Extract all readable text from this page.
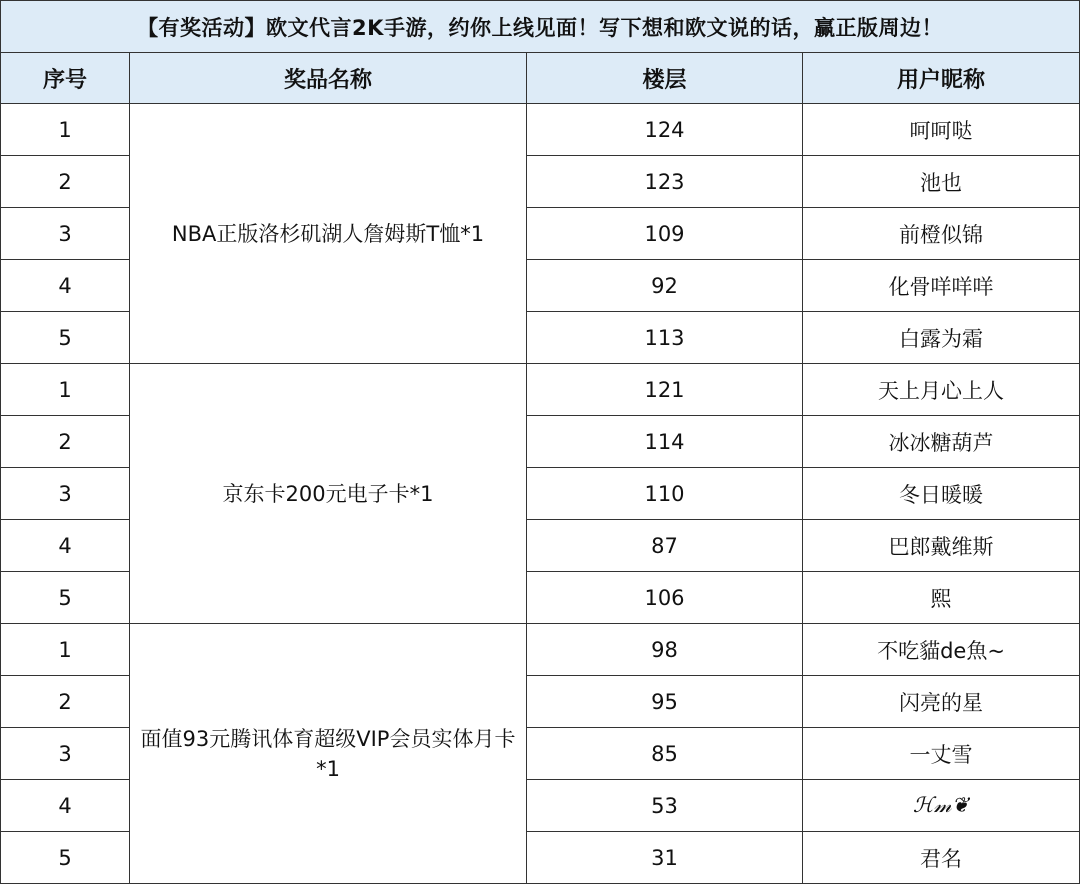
【有奖活动】欧文代言2K手游，约你上线见面！写下想和欧文说的话，赢正版周边！			
序号	奖品名称	楼层	用户昵称
1	NBA正版洛杉矶湖人詹姆斯T恤*1	124	呵呵哒
2		123	池也
3		109	前橙似锦
4		92	化骨咩咩咩
5		113	白露为霜
1	京东卡200元电子卡*1	121	天上月心上人
2		114	冰冰糖葫芦
3		110	冬日暖暖
4		87	巴郎戴维斯
5		106	熙
1	面值93元腾讯体育超级VIP会员实体月卡*1	98	不吃貓de魚~
2		95	闪亮的星
3		85	一丈雪
4		53	ℋ𝓂❦
5		31	君名
